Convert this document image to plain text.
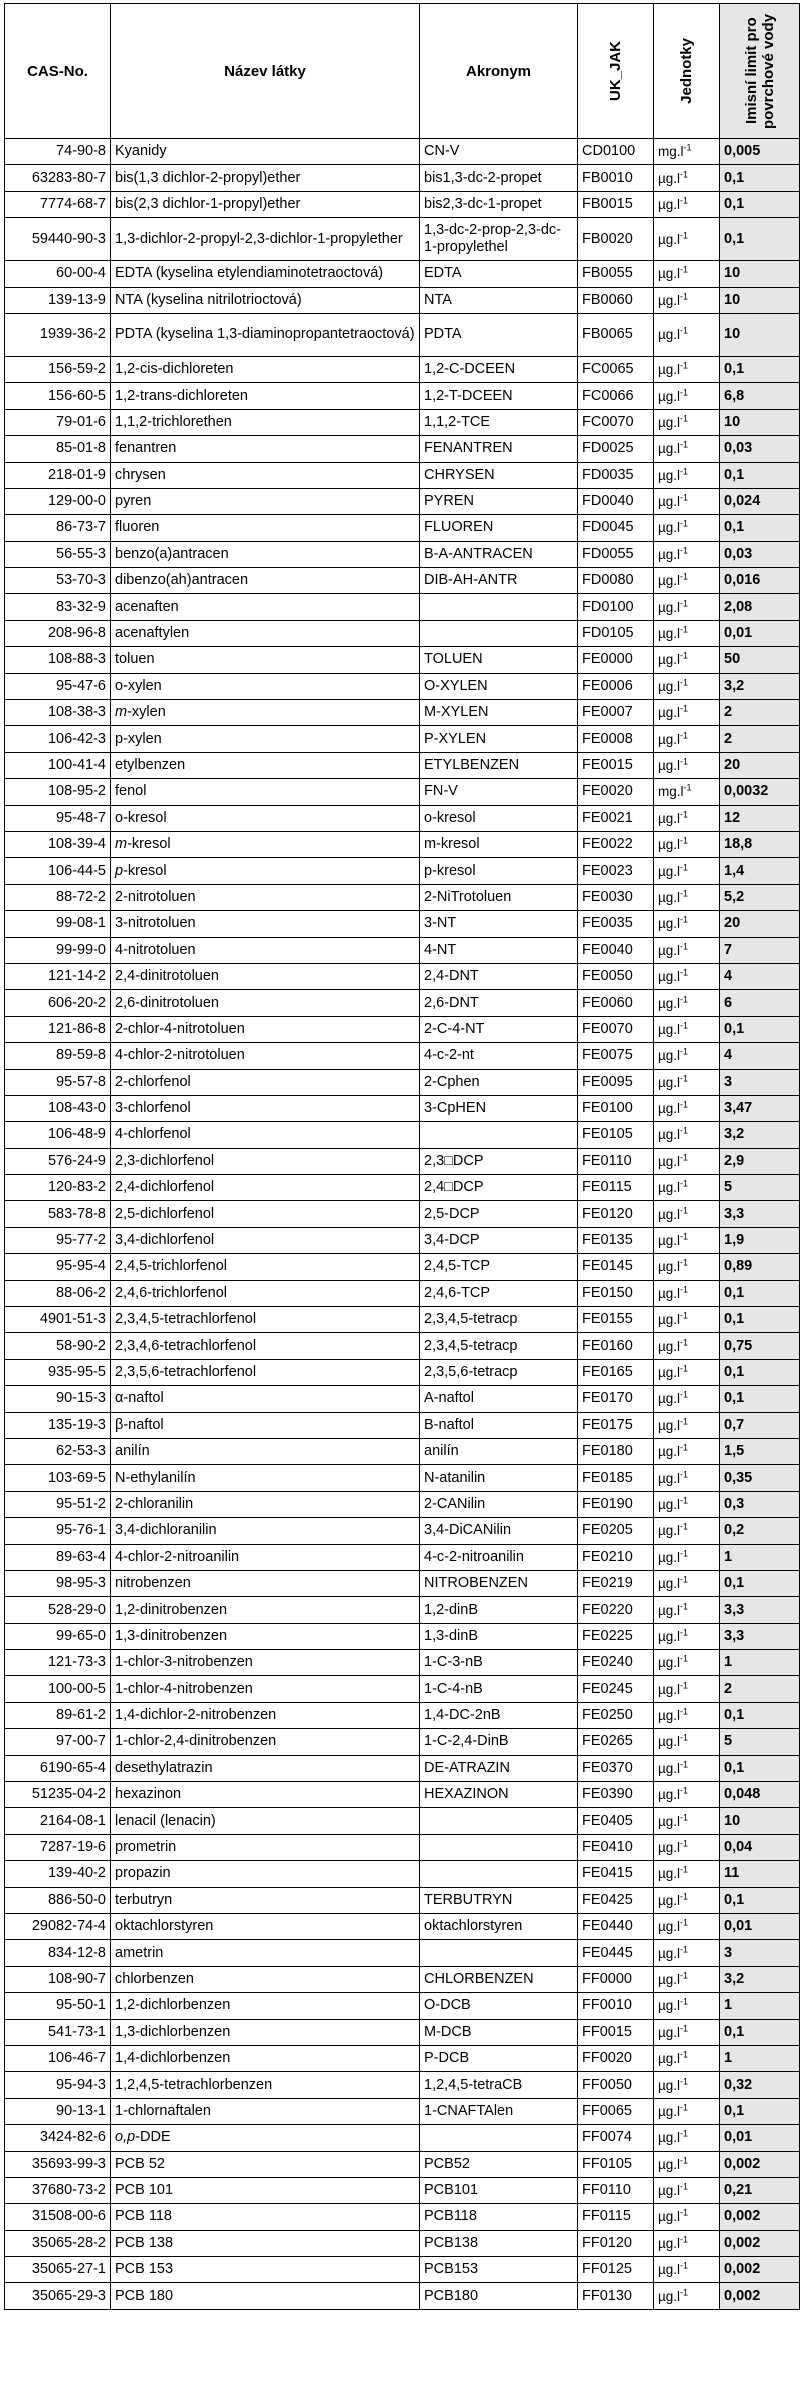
CAS-No.	Název látky	Akronym	UK_JAK	Jednotky	Imisní limit pro povrchové vody

74-90-8	Kyanidy	CN-V	CD0100	$mg.l^{-1}$	0,005
63283-80-7	bis(1,3 dichlor-2-propyl)ether	bis1,3-dc-2-propet	FB0010	$\mu g.l^{-1}$	0,1
7774-68-7	bis(2,3 dichlor-1-propyl)ether	bis2,3-dc-1-propet	FB0015	$\mu g.l^{-1}$	0,1
59440-90-3	1,3-dichlor-2-propyl-2,3-dichlor-1-propylether	1,3-dc-2-prop-2,3-dc-1-propylethel	FB0020	$\mu g.l^{-1}$	0,1
60-00-4	EDTA (kyselina etylendiaminotetraoctová)	EDTA	FB0055	$\mu g.l^{-1}$	10
139-13-9	NTA (kyselina nitrilotrioctová)	NTA	FB0060	$\mu g.l^{-1}$	10
1939-36-2	PDTA (kyselina 1,3-diaminopropantetraoctová)	PDTA	FB0065	$\mu g.l^{-1}$	10
156-59-2	1,2-cis-dichloreten	1,2-C-DCEEN	FC0065	$\mu g.l^{-1}$	0,1
156-60-5	1,2-trans-dichloreten	1,2-T-DCEEN	FC0066	$\mu g.l^{-1}$	6,8
79-01-6	1,1,2-trichlorethen	1,1,2-TCE	FC0070	$\mu g.l^{-1}$	10
85-01-8	fenantren	FENANTREN	FD0025	$\mu g.l^{-1}$	0,03
218-01-9	chrysen	CHRYSEN	FD0035	$\mu g.l^{-1}$	0,1
129-00-0	pyren	PYREN	FD0040	$\mu g.l^{-1}$	0,024
86-73-7	fluoren	FLUOREN	FD0045	$\mu g.l^{-1}$	0,1
56-55-3	benzo(a)antracen	B-A-ANTRACEN	FD0055	$\mu g.l^{-1}$	0,03
53-70-3	dibenzo(ah)antracen	DIB-AH-ANTR	FD0080	$\mu g.l^{-1}$	0,016
83-32-9	acenaften		FD0100	$\mu g.l^{-1}$	2,08
208-96-8	acenaftylen		FD0105	$\mu g.l^{-1}$	0,01
108-88-3	toluen	TOLUEN	FE0000	$\mu g.l^{-1}$	50
95-47-6	o-xylen	O-XYLEN	FE0006	$\mu g.l^{-1}$	3,2
108-38-3	m-xylen	M-XYLEN	FE0007	$\mu g.l^{-1}$	2
106-42-3	p-xylen	P-XYLEN	FE0008	$\mu g.l^{-1}$	2
100-41-4	etylbenzen	ETYLBENZEN	FE0015	$\mu g.l^{-1}$	20
108-95-2	fenol	FN-V	FE0020	$mg.l^{-1}$	0,0032
95-48-7	o-kresol	o-kresol	FE0021	$\mu g.l^{-1}$	12
108-39-4	m-kresol	m-kresol	FE0022	$\mu g.l^{-1}$	18,8
106-44-5	p-kresol	p-kresol	FE0023	$\mu g.l^{-1}$	1,4
88-72-2	2-nitrotoluen	2-NiTrotoluen	FE0030	$\mu g.l^{-1}$	5,2
99-08-1	3-nitrotoluen	3-NT	FE0035	$\mu g.l^{-1}$	20
99-99-0	4-nitrotoluen	4-NT	FE0040	$\mu g.l^{-1}$	7
121-14-2	2,4-dinitrotoluen	2,4-DNT	FE0050	$\mu g.l^{-1}$	4
606-20-2	2,6-dinitrotoluen	2,6-DNT	FE0060	$\mu g.l^{-1}$	6
121-86-8	2-chlor-4-nitrotoluen	2-C-4-NT	FE0070	$\mu g.l^{-1}$	0,1
89-59-8	4-chlor-2-nitrotoluen	4-c-2-nt	FE0075	$\mu g.l^{-1}$	4
95-57-8	2-chlorfenol	2-Cphen	FE0095	$\mu g.l^{-1}$	3
108-43-0	3-chlorfenol	3-CpHEN	FE0100	$\mu g.l^{-1}$	3,47
106-48-9	4-chlorfenol		FE0105	$\mu g.l^{-1}$	3,2
576-24-9	2,3-dichlorfenol	2,3□DCP	FE0110	$\mu g.l^{-1}$	2,9
120-83-2	2,4-dichlorfenol	2,4□DCP	FE0115	$\mu g.l^{-1}$	5
583-78-8	2,5-dichlorfenol	2,5-DCP	FE0120	$\mu g.l^{-1}$	3,3
95-77-2	3,4-dichlorfenol	3,4-DCP	FE0135	$\mu g.l^{-1}$	1,9
95-95-4	2,4,5-trichlorfenol	2,4,5-TCP	FE0145	$\mu g.l^{-1}$	0,89
88-06-2	2,4,6-trichlorfenol	2,4,6-TCP	FE0150	$\mu g.l^{-1}$	0,1
4901-51-3	2,3,4,5-tetrachlorfenol	2,3,4,5-tetracp	FE0155	$\mu g.l^{-1}$	0,1
58-90-2	2,3,4,6-tetrachlorfenol	2,3,4,5-tetracp	FE0160	$\mu g.l^{-1}$	0,75
935-95-5	2,3,5,6-tetrachlorfenol	2,3,5,6-tetracp	FE0165	$\mu g.l^{-1}$	0,1
90-15-3	α-naftol	A-naftol	FE0170	$\mu g.l^{-1}$	0,1
135-19-3	β-naftol	B-naftol	FE0175	$\mu g.l^{-1}$	0,7
62-53-3	anilín	anilín	FE0180	$\mu g.l^{-1}$	1,5
103-69-5	N-ethylanilín	N-atanilin	FE0185	$\mu g.l^{-1}$	0,35
95-51-2	2-chloranilin	2-CANilin	FE0190	$\mu g.l^{-1}$	0,3
95-76-1	3,4-dichloranilin	3,4-DiCANilin	FE0205	$\mu g.l^{-1}$	0,2
89-63-4	4-chlor-2-nitroanilin	4-c-2-nitroanilin	FE0210	$\mu g.l^{-1}$	1
98-95-3	nitrobenzen	NITROBENZEN	FE0219	$\mu g.l^{-1}$	0,1
528-29-0	1,2-dinitrobenzen	1,2-dinB	FE0220	$\mu g.l^{-1}$	3,3
99-65-0	1,3-dinitrobenzen	1,3-dinB	FE0225	$\mu g.l^{-1}$	3,3
121-73-3	1-chlor-3-nitrobenzen	1-C-3-nB	FE0240	$\mu g.l^{-1}$	1
100-00-5	1-chlor-4-nitrobenzen	1-C-4-nB	FE0245	$\mu g.l^{-1}$	2
89-61-2	1,4-dichlor-2-nitrobenzen	1,4-DC-2nB	FE0250	$\mu g.l^{-1}$	0,1
97-00-7	1-chlor-2,4-dinitrobenzen	1-C-2,4-DinB	FE0265	$\mu g.l^{-1}$	5
6190-65-4	desethylatrazin	DE-ATRAZIN	FE0370	$\mu g.l^{-1}$	0,1
51235-04-2	hexazinon	HEXAZINON	FE0390	$\mu g.l^{-1}$	0,048
2164-08-1	lenacil (lenacin)		FE0405	$\mu g.l^{-1}$	10
7287-19-6	prometrin		FE0410	$\mu g.l^{-1}$	0,04
139-40-2	propazin		FE0415	$\mu g.l^{-1}$	11
886-50-0	terbutryn	TERBUTRYN	FE0425	$\mu g.l^{-1}$	0,1
29082-74-4	oktachlorstyren	oktachlorstyren	FE0440	$\mu g.l^{-1}$	0,01
834-12-8	ametrin		FE0445	$\mu g.l^{-1}$	3
108-90-7	chlorbenzen	CHLORBENZEN	FF0000	$\mu g.l^{-1}$	3,2
95-50-1	1,2-dichlorbenzen	O-DCB	FF0010	$\mu g.l^{-1}$	1
541-73-1	1,3-dichlorbenzen	M-DCB	FF0015	$\mu g.l^{-1}$	0,1
106-46-7	1,4-dichlorbenzen	P-DCB	FF0020	$\mu g.l^{-1}$	1
95-94-3	1,2,4,5-tetrachlorbenzen	1,2,4,5-tetraCB	FF0050	$\mu g.l^{-1}$	0,32
90-13-1	1-chlornaftalen	1-CNAFTAlen	FF0065	$\mu g.l^{-1}$	0,1
3424-82-6	o,p-DDE		FF0074	$\mu g.l^{-1}$	0,01
35693-99-3	PCB 52	PCB52	FF0105	$\mu g.l^{-1}$	0,002
37680-73-2	PCB 101	PCB101	FF0110	$\mu g.l^{-1}$	0,21
31508-00-6	PCB 118	PCB118	FF0115	$\mu g.l^{-1}$	0,002
35065-28-2	PCB 138	PCB138	FF0120	$\mu g.l^{-1}$	0,002
35065-27-1	PCB 153	PCB153	FF0125	$\mu g.l^{-1}$	0,002
35065-29-3	PCB 180	PCB180	FF0130	$\mu g.l^{-1}$	0,002
